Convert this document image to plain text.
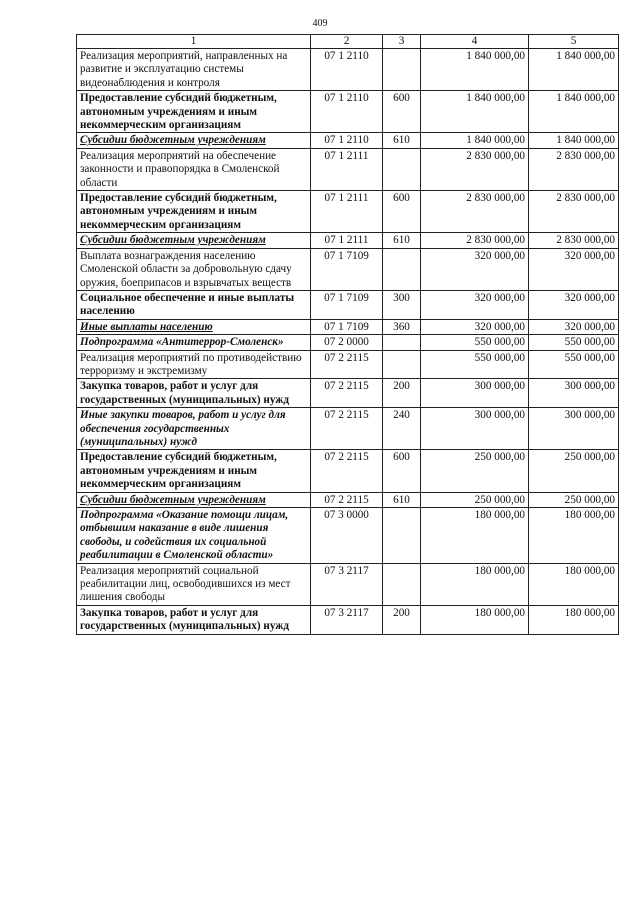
409
1	2	3	4	5
Реализация мероприятий, направленных на развитие и эксплуатацию системы видеонаблюдения и контроля	07 1 2110		1 840 000,00	1 840 000,00
Предоставление субсидий бюджетным, автономным учреждениям и иным некоммерческим организациям	07 1 2110	600	1 840 000,00	1 840 000,00
Субсидии бюджетным учреждениям	07 1 2110	610	1 840 000,00	1 840 000,00
Реализация мероприятий на обеспечение законности и правопорядка в Смоленской области	07 1 2111		2 830 000,00	2 830 000,00
Предоставление субсидий бюджетным, автономным учреждениям и иным некоммерческим организациям	07 1 2111	600	2 830 000,00	2 830 000,00
Субсидии бюджетным учреждениям	07 1 2111	610	2 830 000,00	2 830 000,00
Выплата вознаграждения населению Смоленской области за добровольную сдачу оружия, боеприпасов и взрывчатых веществ	07 1 7109		320 000,00	320 000,00
Социальное обеспечение и иные выплаты населению	07 1 7109	300	320 000,00	320 000,00
Иные выплаты населению	07 1 7109	360	320 000,00	320 000,00
Подпрограмма «Антитеррор-Смоленск»	07 2 0000		550 000,00	550 000,00
Реализация мероприятий по противодействию терроризму и экстремизму	07 2 2115		550 000,00	550 000,00
Закупка товаров, работ и услуг для государственных (муниципальных) нужд	07 2 2115	200	300 000,00	300 000,00
Иные закупки товаров, работ и услуг для обеспечения государственных (муниципальных) нужд	07 2 2115	240	300 000,00	300 000,00
Предоставление субсидий бюджетным, автономным учреждениям и иным некоммерческим организациям	07 2 2115	600	250 000,00	250 000,00
Субсидии бюджетным учреждениям	07 2 2115	610	250 000,00	250 000,00
Подпрограмма «Оказание помощи лицам, отбывшим наказание в виде лишения свободы, и содействия их социальной реабилитации в Смоленской области»	07 3 0000		180 000,00	180 000,00
Реализация мероприятий социальной реабилитации лиц, освободившихся из мест лишения свободы	07 3 2117		180 000,00	180 000,00
Закупка товаров, работ и услуг для государственных (муниципальных) нужд	07 3 2117	200	180 000,00	180 000,00
